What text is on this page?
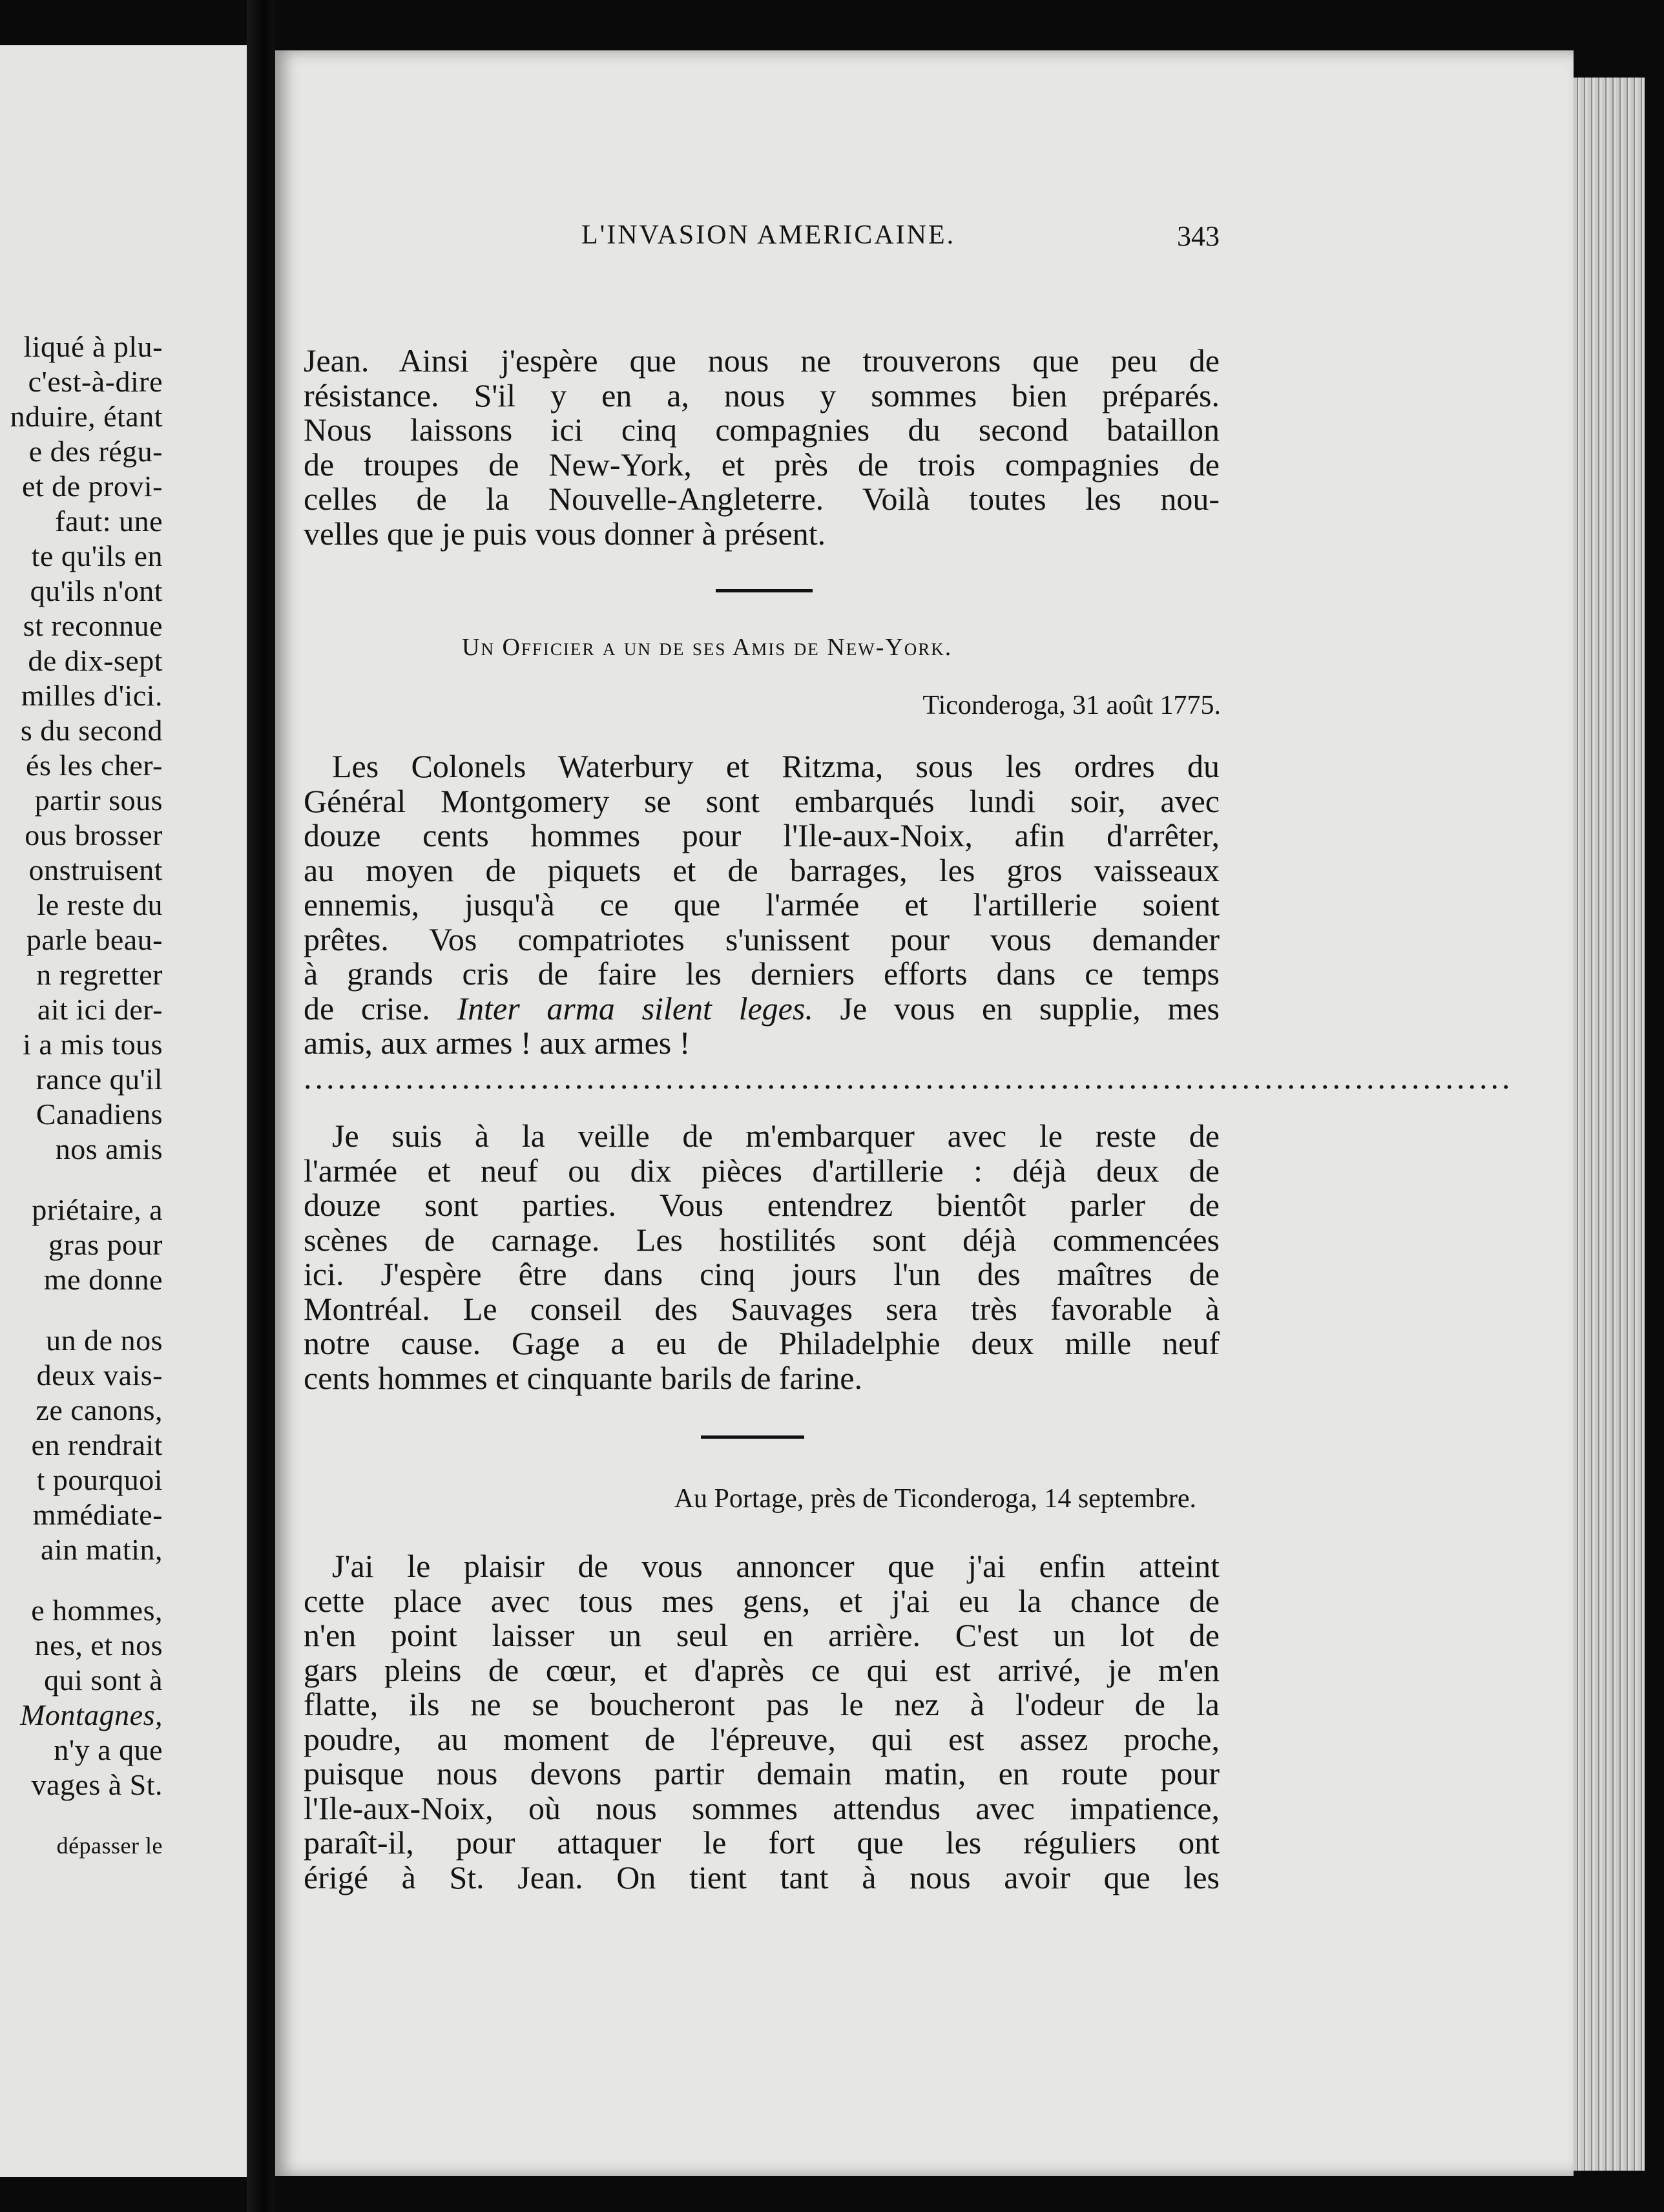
liqué à plu-
c'est-à-dire
nduire, étant
e des régu-
et de provi-
faut: une
te qu'ils en
qu'ils n'ont
st reconnue
de dix-sept
milles d'ici.
s du second
és les cher-
partir sous
ous brosser
onstruisent
le reste du
parle beau-
n regretter
ait ici der-
i a mis tous
rance qu'il
Canadiens
nos amis
priétaire, a
gras pour
me donne
un de nos
deux vais-
ze canons,
en rendrait
t pourquoi
mmédiate-
ain matin,
e hommes,
nes, et nos
qui sont à
Montagnes,
n'y a que
vages à St.
dépasser le
L'INVASION AMERICAINE.	343

Jean. Ainsi j'espère que nous ne trouverons que peu de

résistance. S'il y en a, nous y sommes bien préparés.

Nous laissons ici cinq compagnies du second bataillon

de troupes de New-York, et près de trois compagnies de

celles de la Nouvelle-Angleterre. Voilà toutes les nou-

velles que je puis vous donner à présent.

Un Officier a un de ses Amis de New-York.
Ticonderoga, 31 août 1775.

Les Colonels Waterbury et Ritzma, sous les ordres du

Général Montgomery se sont embarqués lundi soir, avec

douze cents hommes pour l'Ile-aux-Noix, afin d'arrêter,

au moyen de piquets et de barrages, les gros vaisseaux

ennemis, jusqu'à ce que l'armée et l'artillerie soient

prêtes. Vos compatriotes s'unissent pour vous demander

à grands cris de faire les derniers efforts dans ce temps

de crise. Inter arma silent leges. Je vous en supplie, mes

amis, aux armes ! aux armes !

...........................................................................................................

Je suis à la veille de m'embarquer avec le reste de

l'armée et neuf ou dix pièces d'artillerie : déjà deux de

douze sont parties. Vous entendrez bientôt parler de

scènes de carnage. Les hostilités sont déjà commencées

ici. J'espère être dans cinq jours l'un des maîtres de

Montréal. Le conseil des Sauvages sera très favorable à

notre cause. Gage a eu de Philadelphie deux mille neuf

cents hommes et cinquante barils de farine.

Au Portage, près de Ticonderoga, 14 septembre.

J'ai le plaisir de vous annoncer que j'ai enfin atteint

cette place avec tous mes gens, et j'ai eu la chance de

n'en point laisser un seul en arrière. C'est un lot de

gars pleins de cœur, et d'après ce qui est arrivé, je m'en

flatte, ils ne se boucheront pas le nez à l'odeur de la

poudre, au moment de l'épreuve, qui est assez proche,

puisque nous devons partir demain matin, en route pour

l'Ile-aux-Noix, où nous sommes attendus avec impatience,

paraît-il, pour attaquer le fort que les réguliers ont

érigé à St. Jean. On tient tant à nous avoir que les
